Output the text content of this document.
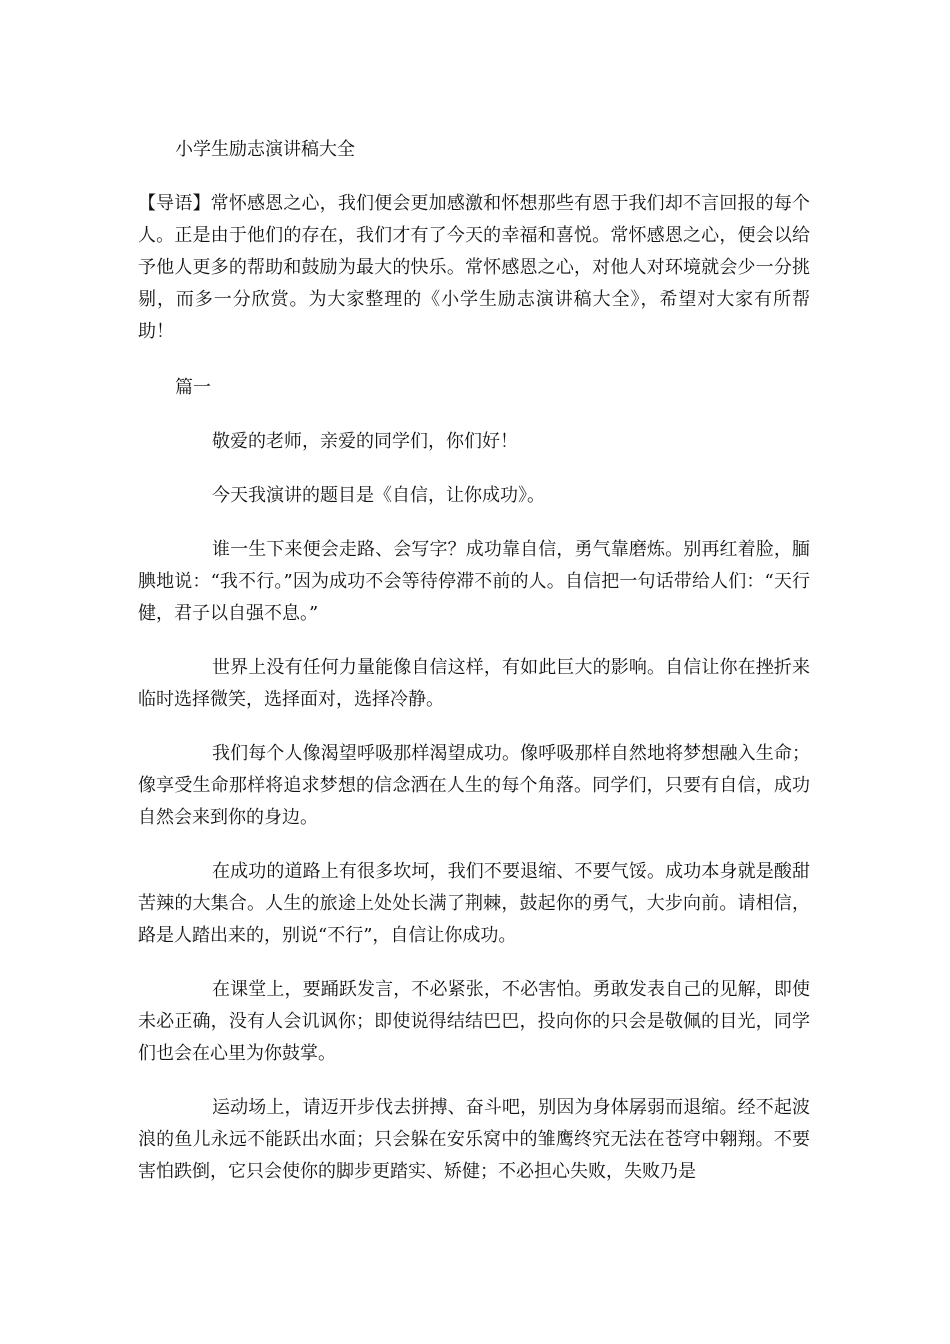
小学生励志演讲稿大全

【导语】常怀感恩之心，我们便会更加感激和怀想那些有恩于我们却不言回报的每个人。正是由于他们的存在，我们才有了今天的幸福和喜悦。常怀感恩之心，便会以给予他人更多的帮助和鼓励为最大的快乐。常怀感恩之心，对他人对环境就会少一分挑剔，而多一分欣赏。为大家整理的《小学生励志演讲稿大全》，希望对大家有所帮助！

篇一

敬爱的老师，亲爱的同学们，你们好！

今天我演讲的题目是《自信，让你成功》。

谁一生下来便会走路、会写字？成功靠自信，勇气靠磨炼。别再红着脸，腼腆地说：“我不行。”因为成功不会等待停滞不前的人。自信把一句话带给人们：“天行健，君子以自强不息。”

世界上没有任何力量能像自信这样，有如此巨大的影响。自信让你在挫折来临时选择微笑，选择面对，选择冷静。

我们每个人像渴望呼吸那样渴望成功。像呼吸那样自然地将梦想融入生命；像享受生命那样将追求梦想的信念洒在人生的每个角落。同学们，只要有自信，成功自然会来到你的身边。

在成功的道路上有很多坎坷，我们不要退缩、不要气馁。成功本身就是酸甜苦辣的大集合。人生的旅途上处处长满了荆棘，鼓起你的勇气，大步向前。请相信，路是人踏出来的，别说“不行”，自信让你成功。

在课堂上，要踊跃发言，不必紧张，不必害怕。勇敢发表自己的见解，即使未必正确，没有人会讥讽你；即使说得结结巴巴，投向你的只会是敬佩的目光，同学们也会在心里为你鼓掌。

运动场上，请迈开步伐去拼搏、奋斗吧，别因为身体孱弱而退缩。经不起波浪的鱼儿永远不能跃出水面；只会躲在安乐窝中的雏鹰终究无法在苍穹中翱翔。不要害怕跌倒，它只会使你的脚步更踏实、矫健；不必担心失败，失败乃是
